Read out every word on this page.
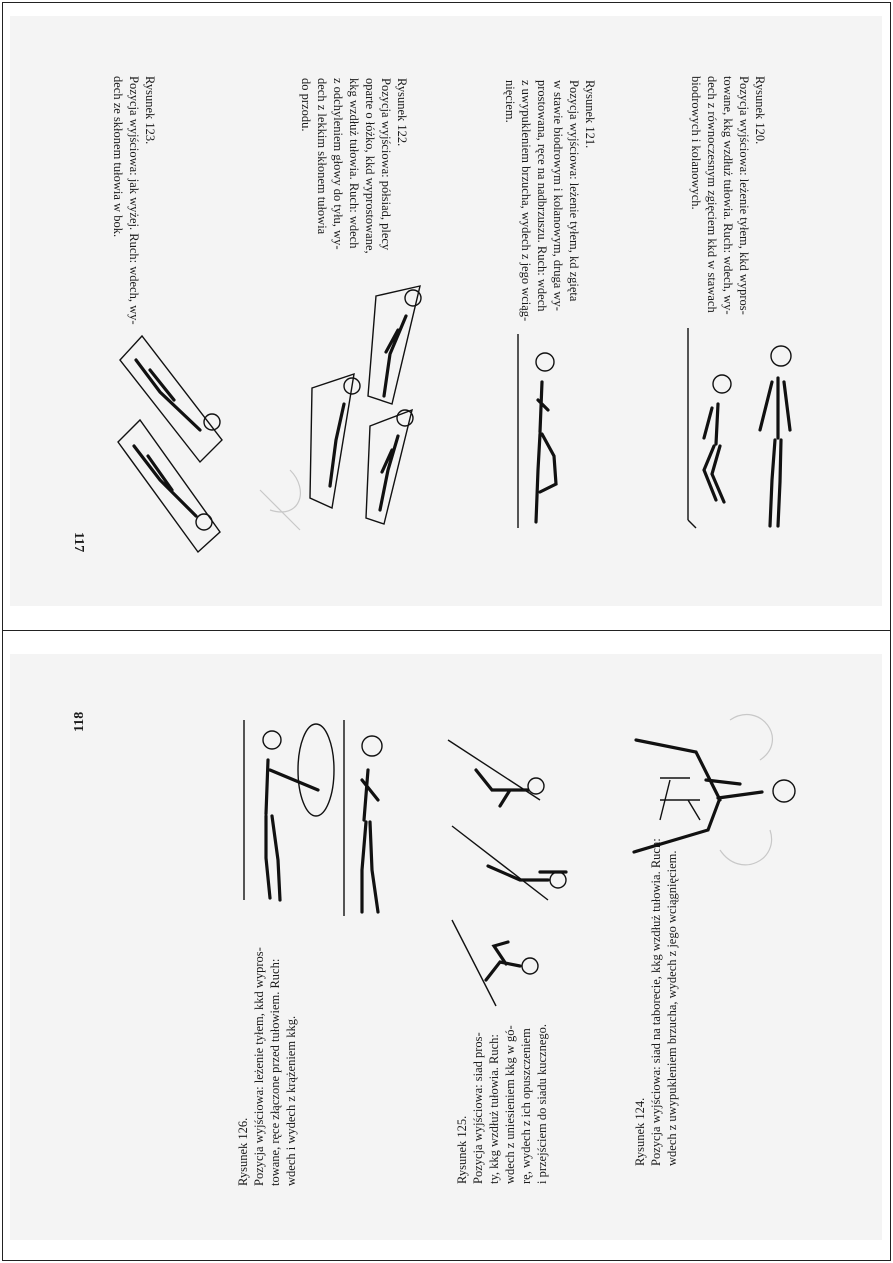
Rysunek 120.
Pozycja wyjściowa: leżenie tyłem, kkd wypros-
towane, kkg wzdłuż tułowia. Ruch: wdech, wy-
dech z równoczesnym zgięciem kkd w stawach
biodrowych i kolanowych.
Rysunek 121.
Pozycja wyjściowa: leżenie tyłem, kd zgięta
w stawie biodrowym i kolanowym, druga wy-
prostowana, ręce na nadbrzuszu. Ruch: wdech
z uwypukleniem brzucha, wydech z jego wciąg-
nięciem.
Rysunek 122.
Pozycja wyjściowa: półsiad, plecy
oparte o łóżko, kkd wyprostowane,
kkg wzdłuż tułowia. Ruch: wdech
z odchyleniem głowy do tyłu, wy-
dech z lekkim skłonem tułowia
do przodu.
Rysunek 123.
Pozycja wyjściowa: jak wyżej. Ruch: wdech, wy-
dech ze skłonem tułowia w bok.
117
Rysunek 124. Pozycja wyjściowa: siad na taborecie, kkg wzdłuż tułowia. Ruch: wdech z uwypukleniem brzucha, wydech z jego wciągnięciem.
Rysunek 125. Pozycja wyjściowa: siad pros- ty, kkg wzdłuż tułowia. Ruch: wdech z uniesieniem kkg w gó- rę, wydech z ich opuszczeniem i przejściem do siadu kucznego.
Rysunek 126. Pozycja wyjściowa: leżenie tyłem, kkd wypros- towane, ręce złączone przed tułowiem. Ruch: wdech i wydech z krążeniem kkg.
118
